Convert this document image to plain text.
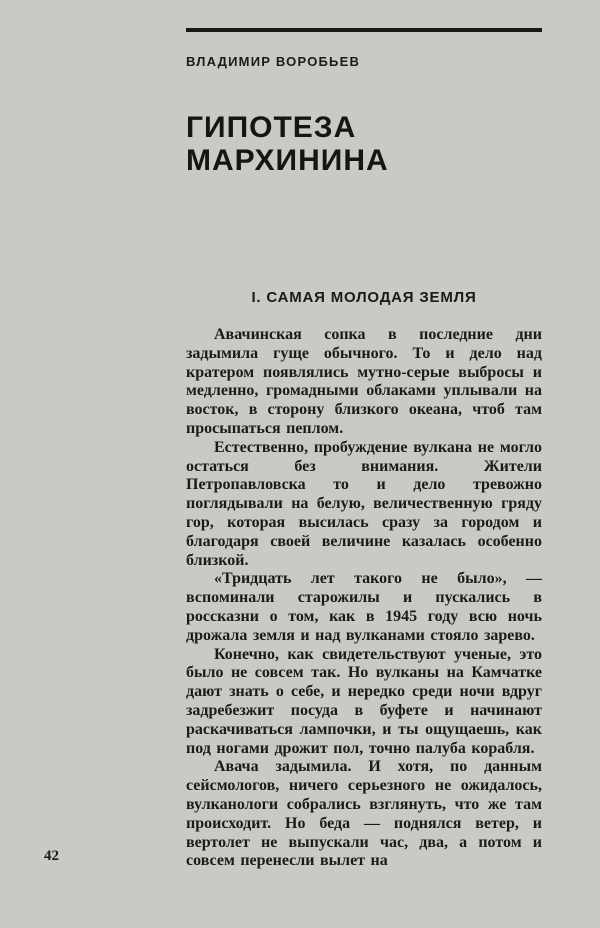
ВЛАДИМИР ВОРОБЬЕВ
ГИПОТЕЗА
МАРХИНИНА
I. САМАЯ МОЛОДАЯ ЗЕМЛЯ

Авачинская сопка в последние дни задымила гуще обычного. То и дело над кратером появлялись мутно-серые выбросы и медленно, громадными облаками уплывали на восток, в сторону близкого океана, чтоб там просыпаться пеплом.

Естественно, пробуждение вулкана не могло остаться без внимания. Жители Петропавловска то и дело тревожно поглядывали на белую, величественную гряду гор, которая высилась сразу за городом и благодаря своей величине казалась особенно близкой.

«Тридцать лет такого не было», — вспоминали старожилы и пускались в россказни о том, как в 1945 году всю ночь дрожала земля и над вулканами стояло зарево.

Конечно, как свидетельствуют ученые, это было не совсем так. Но вулканы на Камчатке дают знать о себе, и нередко среди ночи вдруг задребезжит посуда в буфете и начинают раскачиваться лампочки, и ты ощущаешь, как под ногами дрожит пол, точно палуба корабля.

Авача задымила. И хотя, по данным сейсмологов, ничего серьезного не ожидалось, вулканологи собрались взглянуть, что же там происходит. Но беда — поднялся ветер, и вертолет не выпускали час, два, а потом и совсем перенесли вылет на

42
